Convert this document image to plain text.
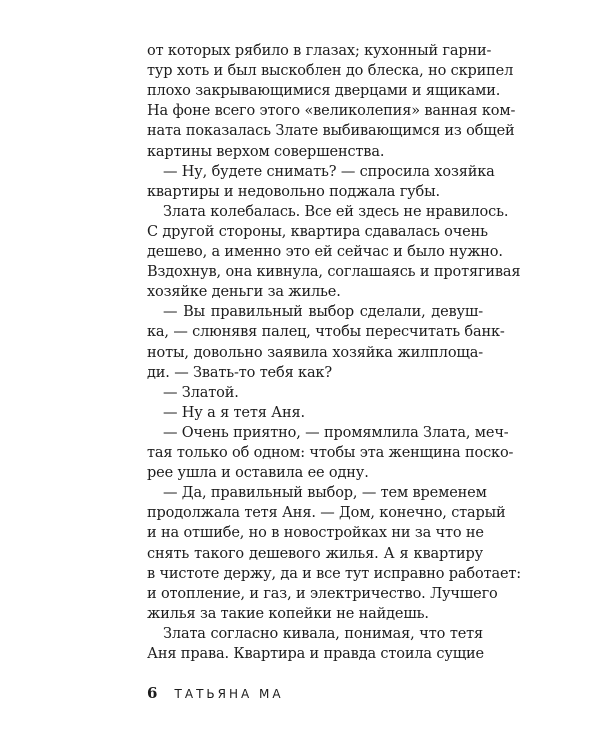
от которых рябило в глазах; кухонный гарни-
тур хоть и был выскоблен до блеска, но скрипел
плохо закрывающимися дверцами и ящиками.
На фоне всего этого «великолепия» ванная ком-
ната показалась Злате выбивающимся из общей
картины верхом совершенства.
— Ну, будете снимать? — спросила хозяйка
квартиры и недовольно поджала губы.
Злата колебалась. Все ей здесь не нравилось.
С другой стороны, квартира сдавалась очень
дешево, а именно это ей сейчас и было нужно.
Вздохнув, она кивнула, соглашаясь и протягивая
хозяйке деньги за жилье.
— Вы правильный выбор сделали, девуш-
ка, — слюнявя палец, чтобы пересчитать банк-
ноты, довольно заявила хозяйка жилплоща-
ди. — Звать-то тебя как?
— Златой.
— Ну а я тетя Аня.
— Очень приятно, — промямлила Злата, меч-
тая только об одном: чтобы эта женщина поско-
рее ушла и оставила ее одну.
— Да, правильный выбор, — тем временем
продолжала тетя Аня. — Дом, конечно, старый
и на отшибе, но в новостройках ни за что не
снять такого дешевого жилья. А я квартиру
в чистоте держу, да и все тут исправно работает:
и отопление, и газ, и электричество. Лучшего
жилья за такие копейки не найдешь.
Злата согласно кивала, понимая, что тетя
Аня права. Квартира и правда стоила сущие
6 ТАТЬЯНА МА
